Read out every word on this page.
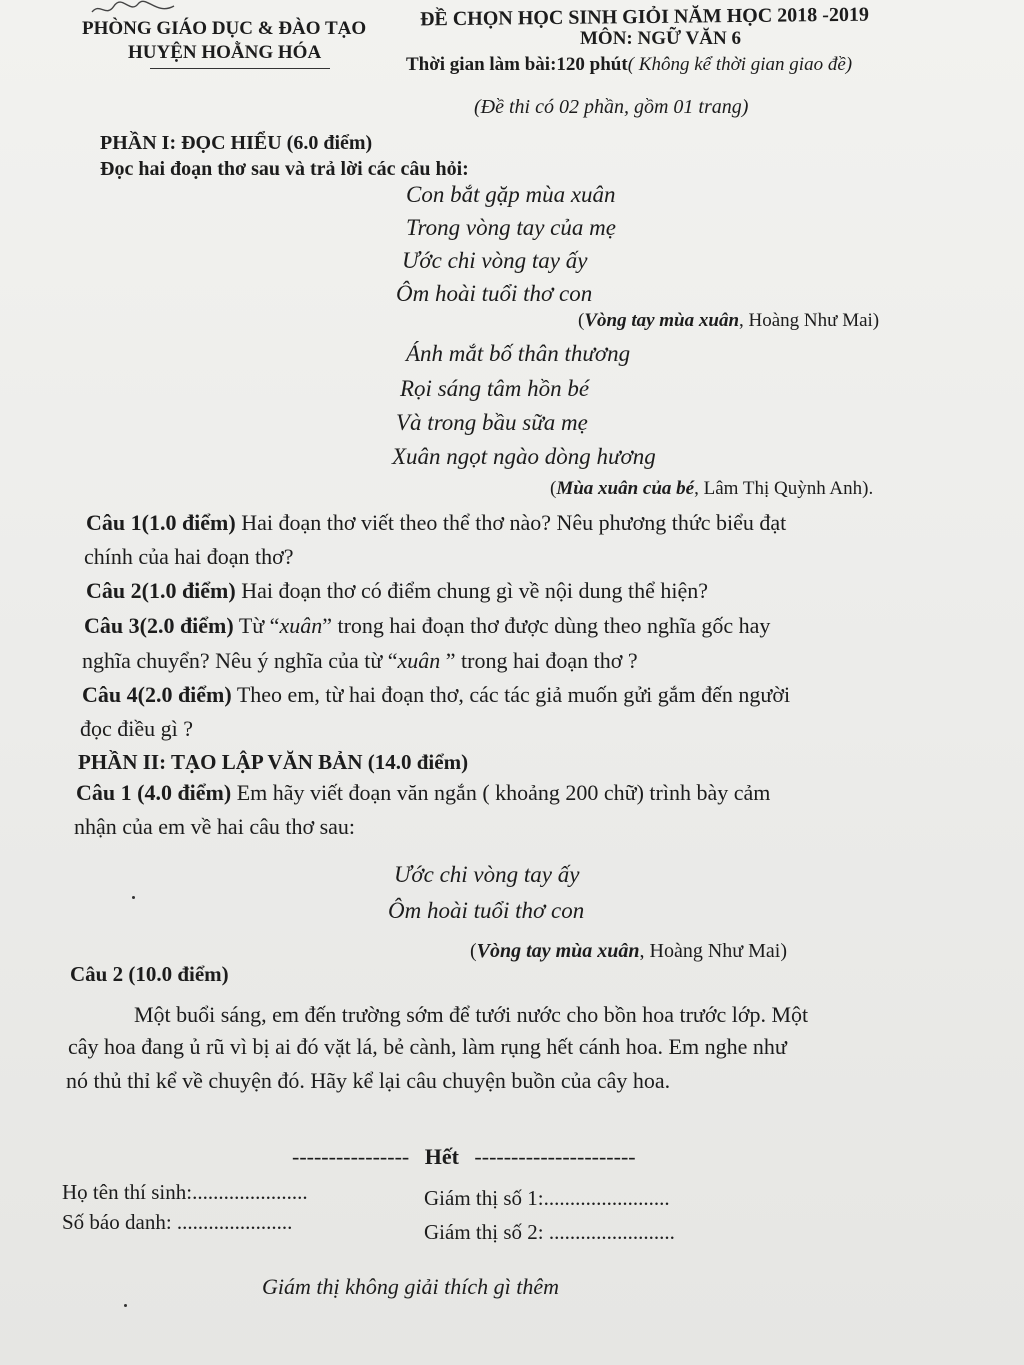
PHÒNG GIÁO DỤC & ĐÀO TẠO
HUYỆN HOẰNG HÓA
ĐỀ CHỌN HỌC SINH GIỎI NĂM HỌC 2018 -2019
MÔN: NGỮ VĂN 6
Thời gian làm bài:120 phút( Không kể thời gian giao đề)
(Đề thi có 02 phần, gồm 01 trang)
PHẦN I: ĐỌC HIỂU (6.0 điểm)
Đọc hai đoạn thơ sau và trả lời các câu hỏi:
Con bắt gặp mùa xuân
Trong vòng tay của mẹ
Ước chi vòng tay ấy
Ôm hoài tuổi thơ con
(Vòng tay mùa xuân, Hoàng Như Mai)
Ánh mắt bố thân thương
Rọi sáng tâm hồn bé
Và trong bầu sữa mẹ
Xuân ngọt ngào dòng hương
(Mùa xuân của bé, Lâm Thị Quỳnh Anh).
Câu 1(1.0 điểm) Hai đoạn thơ viết theo thể thơ nào? Nêu phương thức biểu đạt
chính của hai đoạn thơ?
Câu 2(1.0 điểm) Hai đoạn thơ có điểm chung gì về nội dung thể hiện?
Câu 3(2.0 điểm) Từ “xuân” trong hai đoạn thơ được dùng theo nghĩa gốc hay
nghĩa chuyển? Nêu ý nghĩa của từ “xuân ” trong hai đoạn thơ ?
Câu 4(2.0 điểm) Theo em, từ hai đoạn thơ, các tác giả muốn gửi gắm đến người
đọc điều gì ?
PHẦN II: TẠO LẬP VĂN BẢN (14.0 điểm)
Câu 1 (4.0 điểm) Em hãy viết đoạn văn ngắn ( khoảng 200 chữ) trình bày cảm
nhận của em về hai câu thơ sau:
Ước chi vòng tay ấy
Ôm hoài tuổi thơ con
(Vòng tay mùa xuân, Hoàng Như Mai)
Câu 2 (10.0 điểm)
Một buổi sáng, em đến trường sớm để tưới nước cho bồn hoa trước lớp. Một
cây hoa đang ủ rũ vì bị ai đó vặt lá, bẻ cành, làm rụng hết cánh hoa. Em nghe như
nó thủ thỉ kể về chuyện đó. Hãy kể lại câu chuyện buồn của cây hoa.
---------------- Hết ----------------------
Họ tên thí sinh:......................	Giám thị số 1:........................
Số báo danh: ......................	Giám thị số 2: ........................
Giám thị không giải thích gì thêm
